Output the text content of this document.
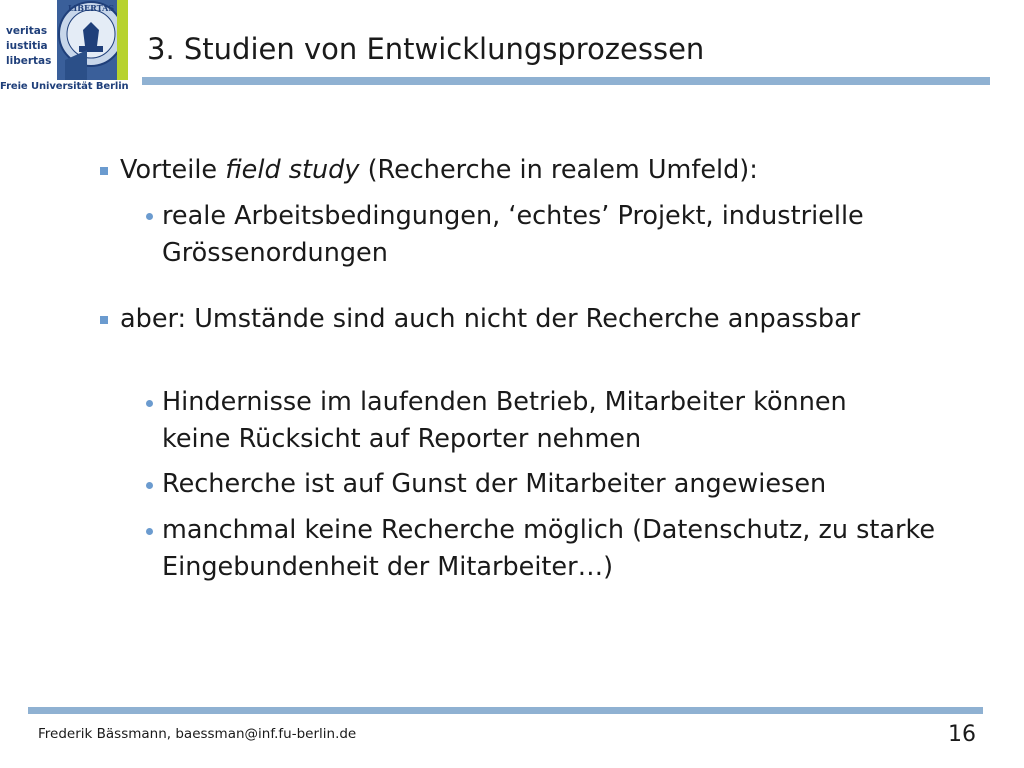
veritas
iustitia
libertas
LIBERTAS
Freie Universität Berlin
3. Studien von Entwicklungsprozessen
Vorteile field study (Recherche in realem Umfeld):
reale Arbeitsbedingungen, ‘echtes’ Projekt, industrielle Grössenordungen
aber: Umstände sind auch nicht der Recherche anpassbar
Hindernisse im laufenden Betrieb, Mitarbeiter können keine Rücksicht auf Reporter nehmen
Recherche ist auf Gunst der Mitarbeiter angewiesen
manchmal keine Recherche möglich (Datenschutz, zu starke Eingebundenheit der Mitarbeiter…)
Frederik Bässmann, baessman@inf.fu-berlin.de	16
